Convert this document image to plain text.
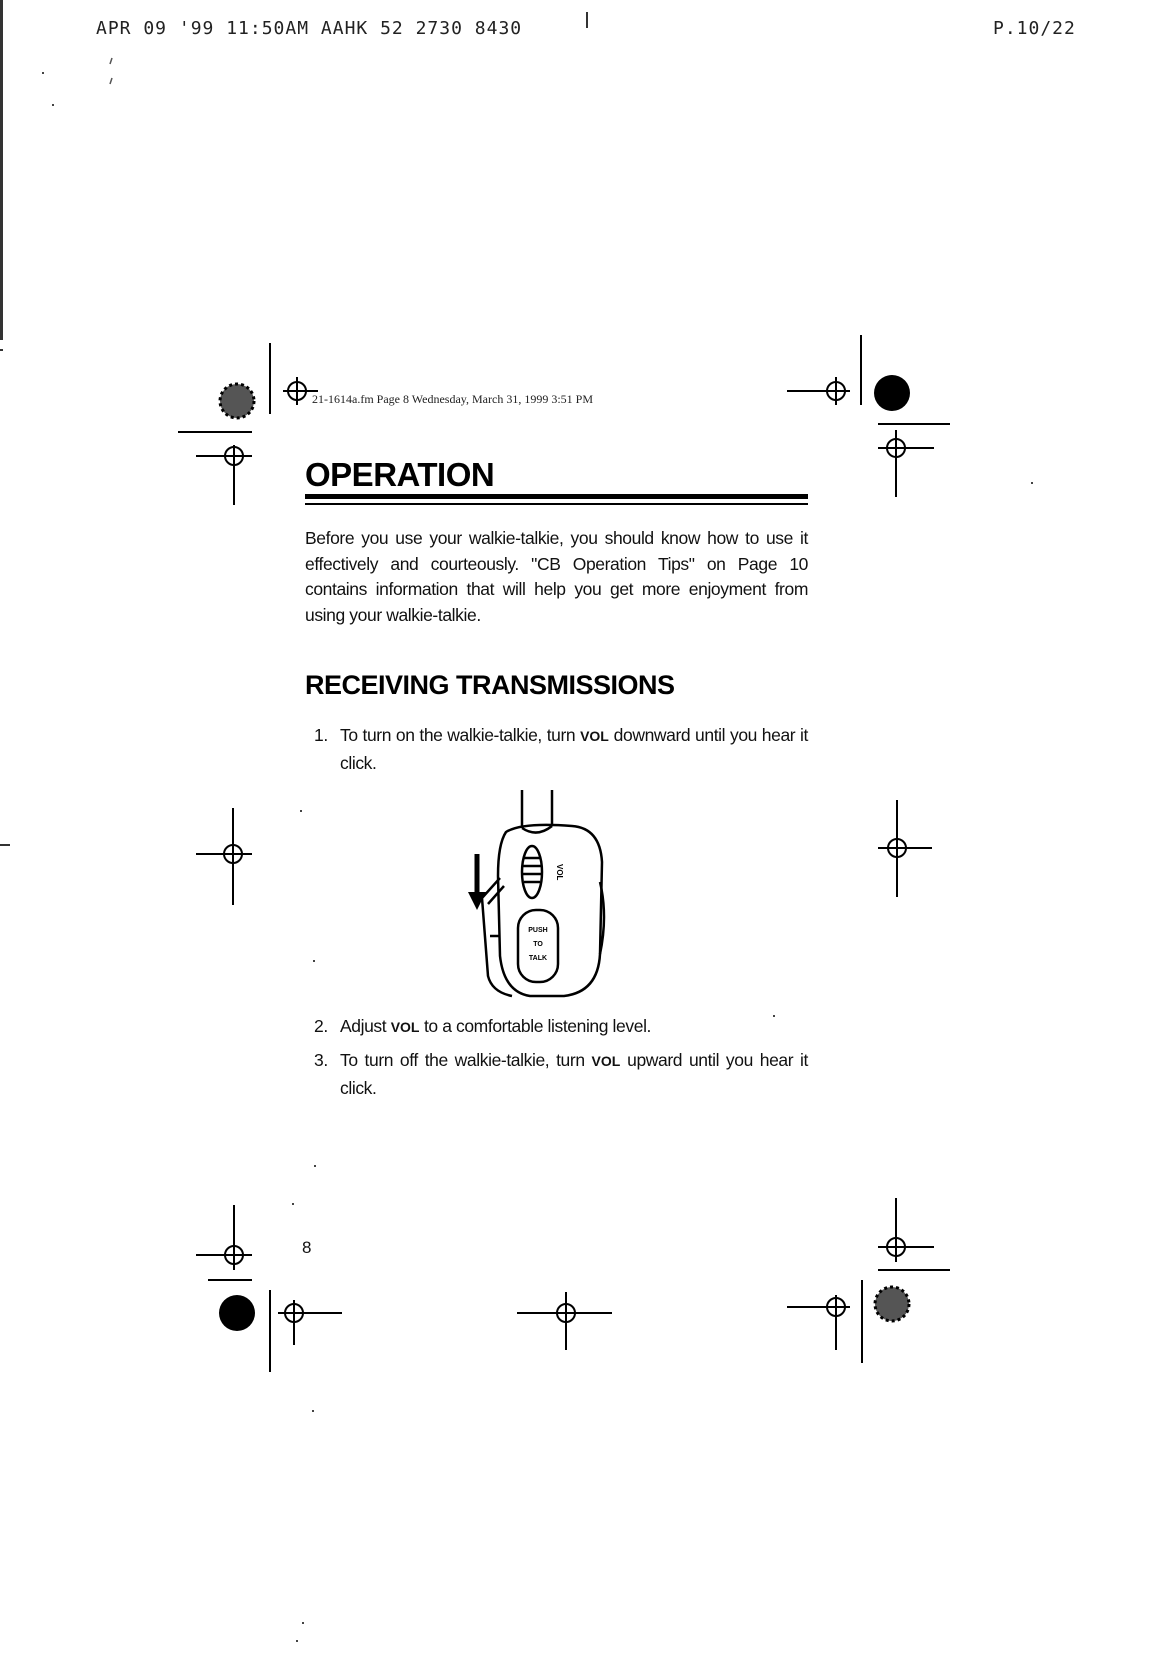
APR 09 '99 11:50AM AAHK 52 2730 8430	P.10/22
21-1614a.fm Page 8 Wednesday, March 31, 1999 3:51 PM
OPERATION

Before you use your walkie-talkie, you should know how to use it effectively and courteously. "CB Operation Tips" on Page 10 contains information that will help you get more enjoyment from using your walkie-talkie.

RECEIVING TRANSMISSIONS
1. To turn on the walkie-talkie, turn VOL downward until you hear it click.
PUSH
TO
TALK
VOL
2. Adjust VOL to a comfortable listening level.
3. To turn off the walkie-talkie, turn VOL upward until you hear it click.
8
